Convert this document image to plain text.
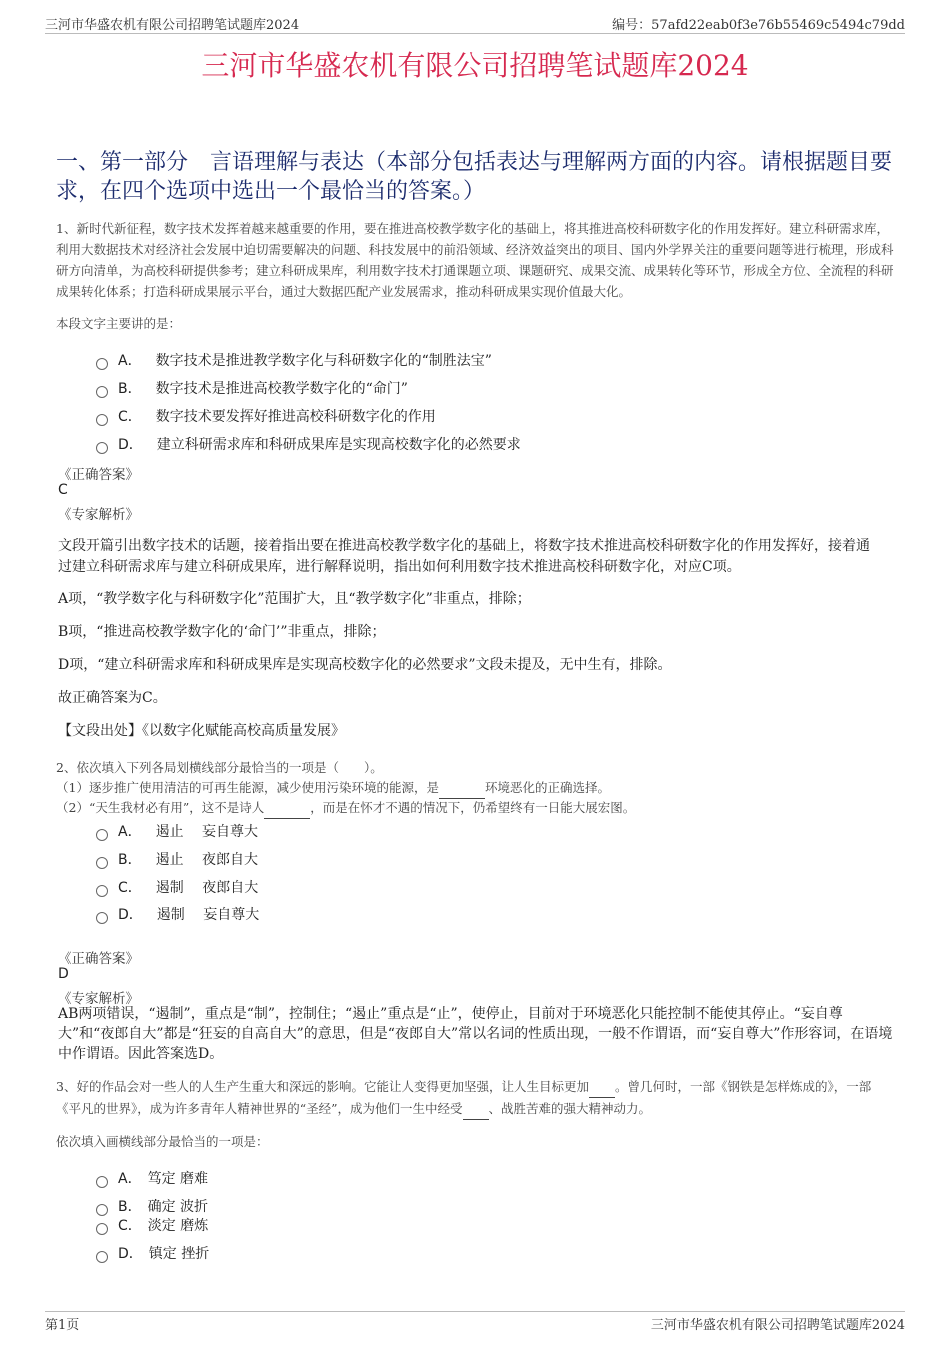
三河市华盛农机有限公司招聘笔试题库2024	编号：57afd22eab0f3e76b55469c5494c79dd
三河市华盛农机有限公司招聘笔试题库2024
一、第一部分　言语理解与表达（本部分包括表达与理解两方面的内容。请根据题目要求，在四个选项中选出一个最恰当的答案。）
1、新时代新征程，数字技术发挥着越来越重要的作用，要在推进高校教学数字化的基础上，将其推进高校科研数字化的作用发挥好。建立科研需求库，利用大数据技术对经济社会发展中迫切需要解决的问题、科技发展中的前沿领域、经济效益突出的项目、国内外学界关注的重要问题等进行梳理，形成科研方向清单，为高校科研提供参考；建立科研成果库，利用数字技术打通课题立项、课题研究、成果交流、成果转化等环节，形成全方位、全流程的科研成果转化体系；打造科研成果展示平台，通过大数据匹配产业发展需求，推动科研成果实现价值最大化。
本段文字主要讲的是：
A． 数字技术是推进教学数字化与科研数字化的“制胜法宝”
B． 数字技术是推进高校教学数字化的“命门”
C． 数字技术要发挥好推进高校科研数字化的作用
D． 建立科研需求库和科研成果库是实现高校数字化的必然要求
《正确答案》
C
《专家解析》
文段开篇引出数字技术的话题，接着指出要在推进高校教学数字化的基础上，将数字技术推进高校科研数字化的作用发挥好，接着通过建立科研需求库与建立科研成果库，进行解释说明，指出如何利用数字技术推进高校科研数字化，对应C项。
A项，“教学数字化与科研数字化”范围扩大，且“教学数字化”非重点，排除；
B项，“推进高校教学数字化的‘命门’”非重点，排除；
D项，“建立科研需求库和科研成果库是实现高校数字化的必然要求”文段未提及，无中生有，排除。
故正确答案为C。
【文段出处】《以数字化赋能高校高质量发展》
2、依次填入下列各局划横线部分最恰当的一项是（　　）。
（1）逐步推广使用清洁的可再生能源，减少使用污染环境的能源，是	环境恶化的正确选择。
（2）“天生我材必有用”，这不是诗人	，而是在怀才不遇的情况下，仍希望终有一日能大展宏图。
A． 遏止　 妄自尊大
B． 遏止　 夜郎自大
C． 遏制　 夜郎自大
D． 遏制　 妄自尊大
《正确答案》
D
《专家解析》
AB两项错误，“遏制”，重点是“制”，控制住；“遏止”重点是“止”，使停止，目前对于环境恶化只能控制不能使其停止。“妄自尊大”和“夜郎自大”都是“狂妄的自高自大”的意思，但是“夜郎自大”常以名词的性质出现，一般不作谓语，而“妄自尊大”作形容词，在语境中作谓语。因此答案选D。
3、好的作品会对一些人的人生产生重大和深远的影响。它能让人变得更加坚强，让人生目标更加 。曾几何时，一部《钢铁是怎样炼成的》，一部《平凡的世界》，成为许多青年人精神世界的“圣经”，成为他们一生中经受 、战胜苦难的强大精神动力。
依次填入画横线部分最恰当的一项是：
A． 笃定 磨难
B． 确定 波折
C． 淡定 磨炼
D． 镇定 挫折
第1页	三河市华盛农机有限公司招聘笔试题库2024
